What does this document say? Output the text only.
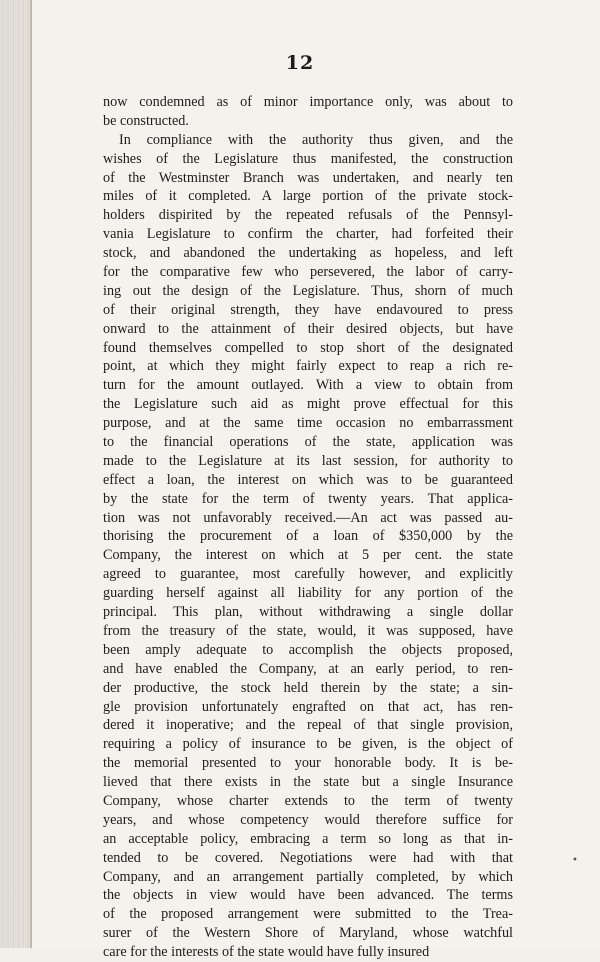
12
now condemned as of minor importance only, was about to
be constructed.
In compliance with the authority thus given, and the
wishes of the Legislature thus manifested, the construction
of the Westminster Branch was undertaken, and nearly ten
miles of it completed. A large portion of the private stock-
holders dispirited by the repeated refusals of the Pennsyl-
vania Legislature to confirm the charter, had forfeited their
stock, and abandoned the undertaking as hopeless, and left
for the comparative few who persevered, the labor of carry-
ing out the design of the Legislature. Thus, shorn of much
of their original strength, they have endavoured to press
onward to the attainment of their desired objects, but have
found themselves compelled to stop short of the designated
point, at which they might fairly expect to reap a rich re-
turn for the amount outlayed. With a view to obtain from
the Legislature such aid as might prove effectual for this
purpose, and at the same time occasion no embarrassment
to the financial operations of the state, application was
made to the Legislature at its last session, for authority to
effect a loan, the interest on which was to be guaranteed
by the state for the term of twenty years. That applica-
tion was not unfavorably received.—An act was passed au-
thorising the procurement of a loan of $350,000 by the
Company, the interest on which at 5 per cent. the state
agreed to guarantee, most carefully however, and explicitly
guarding herself against all liability for any portion of the
principal. This plan, without withdrawing a single dollar
from the treasury of the state, would, it was supposed, have
been amply adequate to accomplish the objects proposed,
and have enabled the Company, at an early period, to ren-
der productive, the stock held therein by the state; a sin-
gle provision unfortunately engrafted on that act, has ren-
dered it inoperative; and the repeal of that single provision,
requiring a policy of insurance to be given, is the object of
the memorial presented to your honorable body. It is be-
lieved that there exists in the state but a single Insurance
Company, whose charter extends to the term of twenty
years, and whose competency would therefore suffice for
an acceptable policy, embracing a term so long as that in-
tended to be covered. Negotiations were had with that
Company, and an arrangement partially completed, by which
the objects in view would have been advanced. The terms
of the proposed arrangement were submitted to the Trea-
surer of the Western Shore of Maryland, whose watchful
care for the interests of the state would have fully insured
•
